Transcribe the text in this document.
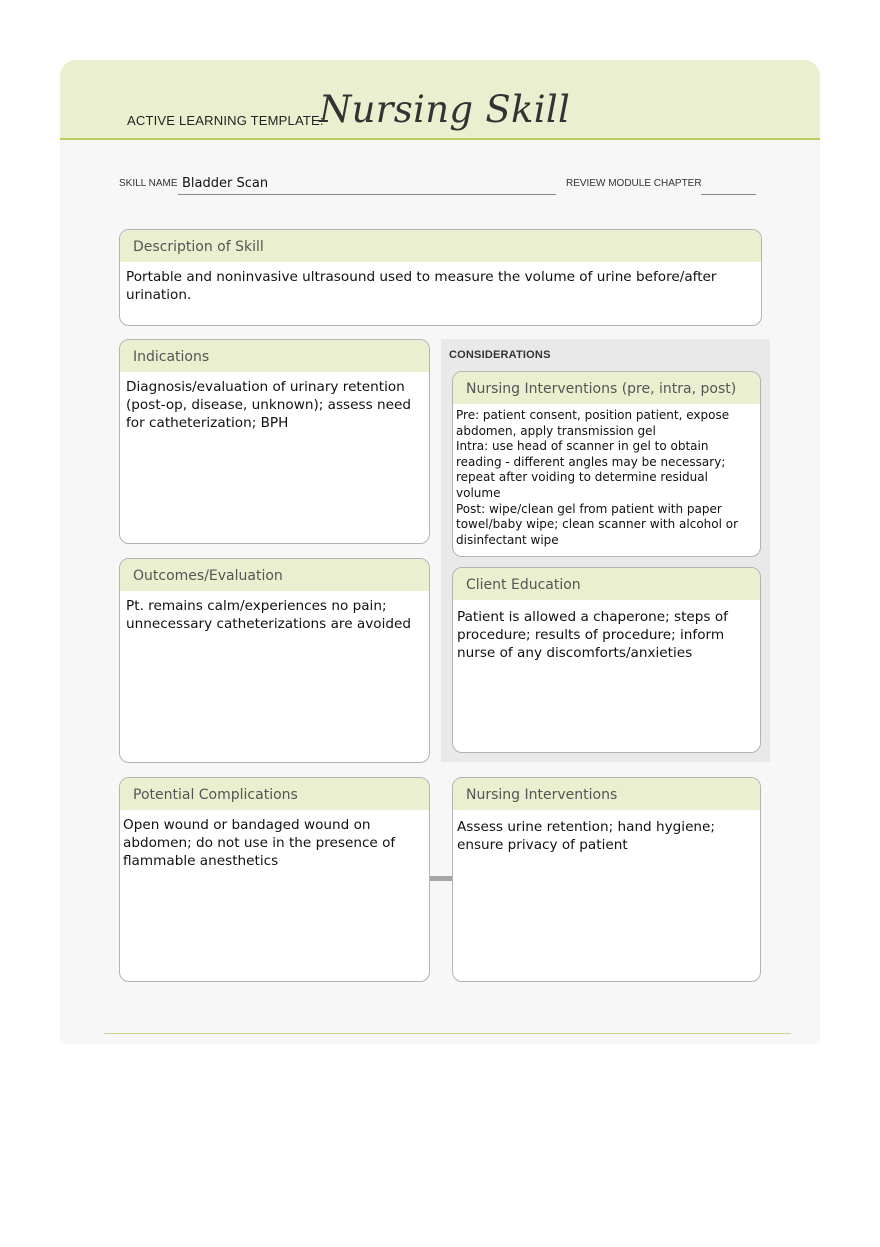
ACTIVE LEARNING TEMPLATE:
Nursing Skill
SKILL NAME Bladder Scan	REVIEW MODULE CHAPTER
Description of Skill
Portable and noninvasive ultrasound used to measure the volume of urine before/after
urination.
CONSIDERATIONS
Indications
Diagnosis/evaluation of urinary retention
(post-op, disease, unknown); assess need
for catheterization; BPH
Nursing Interventions (pre, intra, post)
Pre: patient consent, position patient, expose
abdomen, apply transmission gel
Intra: use head of scanner in gel to obtain
reading - different angles may be necessary;
repeat after voiding to determine residual volume
Post: wipe/clean gel from patient with paper
towel/baby wipe; clean scanner with alcohol or
disinfectant wipe
Outcomes/Evaluation
Pt. remains calm/experiences no pain;
unnecessary catheterizations are avoided
Client Education
Patient is allowed a chaperone; steps of
procedure; results of procedure; inform
nurse of any discomforts/anxieties
Potential Complications
Open wound or bandaged wound on
abdomen; do not use in the presence of
flammable anesthetics
Nursing Interventions
Assess urine retention; hand hygiene;
ensure privacy of patient
